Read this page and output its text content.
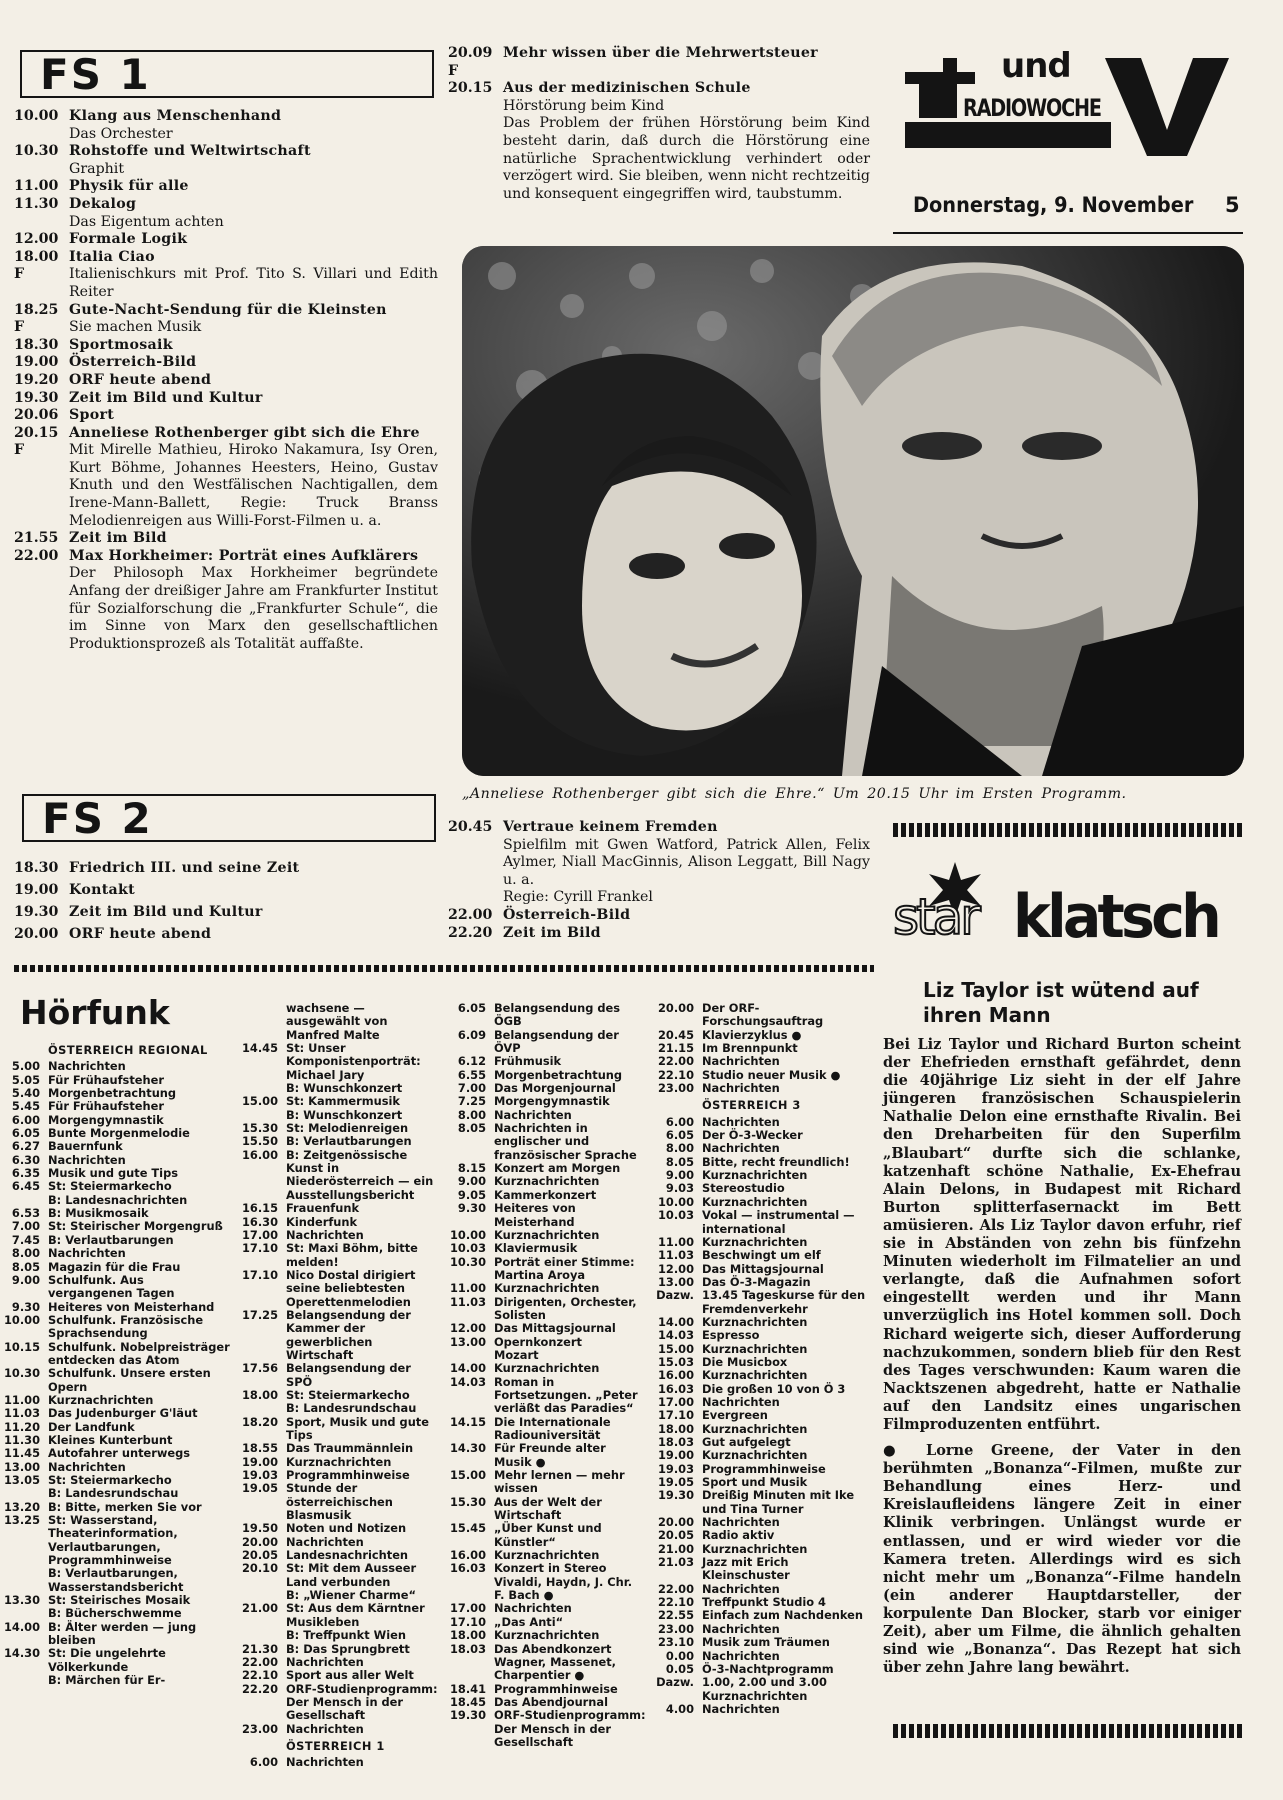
FS 1
10.00 Klang aus Menschenhand
Das Orchester
10.30 Rohstoffe und Weltwirtschaft
Graphit
11.00 Physik für alle
11.30 Dekalog
Das Eigentum achten
12.00 Formale Logik
18.00
F
Italia Ciao
Italienischkurs mit Prof. Tito S. Villari und Edith Reiter
18.25
F
Gute-Nacht-Sendung für die Kleinsten
Sie machen Musik
18.30 Sportmosaik
19.00 Österreich-Bild
19.20 ORF heute abend
19.30 Zeit im Bild und Kultur
20.06 Sport
20.15
F
Anneliese Rothenberger gibt sich die Ehre
Mit Mirelle Mathieu, Hiroko Nakamura, Isy Oren, Kurt Böhme, Johannes Heesters, Heino, Gustav Knuth und den Westfälischen Nachtigallen, dem Irene-Mann-Ballett, Regie: Truck Branss Melodienreigen aus Willi-Forst-Filmen u. a.
21.55 Zeit im Bild
22.00 Max Horkheimer: Porträt eines Aufklärers
Der Philosoph Max Horkheimer begründete Anfang der dreißiger Jahre am Frankfurter Institut für Sozialforschung die „Frankfurter Schule“, die im Sinne von Marx den gesellschaftlichen Produktionsprozeß als Totalität auffaßte.
20.09
F
Mehr wissen über die Mehrwertsteuer
20.15 Aus der medizinischen Schule
Hörstörung beim Kind
Das Problem der frühen Hörstörung beim Kind besteht darin, daß durch die Hörstörung eine natürliche Sprachentwicklung verhindert oder verzögert wird. Sie bleiben, wenn nicht rechtzeitig und konsequent eingegriffen wird, taubstumm.
und
RADIOWOCHE
Donnerstag, 9. November 5
„Anneliese Rothenberger gibt sich die Ehre.“ Um 20.15 Uhr im Ersten Programm.
FS 2
18.30 Friedrich III. und seine Zeit
19.00 Kontakt
19.30 Zeit im Bild und Kultur
20.00 ORF heute abend
20.45 Vertraue keinem Fremden
Spielfilm mit Gwen Watford, Patrick Allen, Felix Aylmer, Niall MacGinnis, Alison Leggatt, Bill Nagy u. a.
Regie: Cyrill Frankel
22.00 Österreich-Bild
22.20 Zeit im Bild
Hörfunk
ÖSTERREICH REGIONAL
5.00 Nachrichten
5.05 Für Frühaufsteher
5.40 Morgenbetrachtung
5.45 Für Frühaufsteher
6.00 Morgengymnastik
6.05 Bunte Morgenmelodie
6.27 Bauernfunk
6.30 Nachrichten
6.35 Musik und gute Tips
6.45 St: Steiermarkecho
B: Landesnachrichten
6.53 B: Musikmosaik
7.00 St: Steirischer Morgengruß
7.45 B: Verlautbarungen
8.00 Nachrichten
8.05 Magazin für die Frau
9.00 Schulfunk. Aus vergangenen Tagen
9.30 Heiteres von Meisterhand
10.00 Schulfunk. Französische Sprachsendung
10.15 Schulfunk. Nobelpreisträger entdecken das Atom
10.30 Schulfunk. Unsere ersten Opern
11.00 Kurznachrichten
11.03 Das Judenburger G'läut
11.20 Der Landfunk
11.30 Kleines Kunterbunt
11.45 Autofahrer unterwegs
13.00 Nachrichten
13.05 St: Steiermarkecho
B: Landesrundschau
13.20 B: Bitte, merken Sie vor
13.25 St: Wasserstand, Theaterinformation, Verlautbarungen, Programmhinweise
B: Verlautbarungen, Wasserstandsbericht
13.30 St: Steirisches Mosaik
B: Bücherschwemme
14.00 B: Älter werden — jung bleiben
14.30 St: Die ungelehrte Völkerkunde
B: Märchen für Er-
wachsene — ausgewählt von Manfred Malte
14.45 St: Unser Komponistenporträt: Michael Jary
B: Wunschkonzert
15.00 St: Kammermusik
B: Wunschkonzert
15.30 St: Melodienreigen
15.50 B: Verlautbarungen
16.00 B: Zeitgenössische Kunst in Niederösterreich — ein Ausstellungsbericht
16.15 Frauenfunk
16.30 Kinderfunk
17.00 Nachrichten
17.10 St: Maxi Böhm, bitte melden!
17.10 Nico Dostal dirigiert seine beliebtesten Operettenmelodien
17.25 Belangsendung der Kammer der gewerblichen Wirtschaft
17.56 Belangsendung der SPÖ
18.00 St: Steiermarkecho
B: Landesrundschau
18.20 Sport, Musik und gute Tips
18.55 Das Traummännlein
19.00 Kurznachrichten
19.03 Programmhinweise
19.05 Stunde der österreichischen Blasmusik
19.50 Noten und Notizen
20.00 Nachrichten
20.05 Landesnachrichten
20.10 St: Mit dem Ausseer Land verbunden
B: „Wiener Charme“
21.00 St: Aus dem Kärntner Musikleben
B: Treffpunkt Wien
21.30 B: Das Sprungbrett
22.00 Nachrichten
22.10 Sport aus aller Welt
22.20 ORF-Studienprogramm: Der Mensch in der Gesellschaft
23.00 Nachrichten
ÖSTERREICH 1
6.00 Nachrichten
6.05 Belangsendung des ÖGB
6.09 Belangsendung der ÖVP
6.12 Frühmusik
6.55 Morgenbetrachtung
7.00 Das Morgenjournal
7.25 Morgengymnastik
8.00 Nachrichten
8.05 Nachrichten in englischer und französischer Sprache
8.15 Konzert am Morgen
9.00 Kurznachrichten
9.05 Kammerkonzert
9.30 Heiteres von Meisterhand
10.00 Kurznachrichten
10.03 Klaviermusik
10.30 Porträt einer Stimme: Martina Aroya
11.00 Kurznachrichten
11.03 Dirigenten, Orchester, Solisten
12.00 Das Mittagsjournal
13.00 Opernkonzert
Mozart
14.00 Kurznachrichten
14.03 Roman in Fortsetzungen. „Peter verläßt das Paradies“
14.15 Die Internationale Radiouniversität
14.30 Für Freunde alter Musik ●
15.00 Mehr lernen — mehr wissen
15.30 Aus der Welt der Wirtschaft
15.45 „Über Kunst und Künstler“
16.00 Kurznachrichten
16.03 Konzert in Stereo Vivaldi, Haydn, J. Chr. F. Bach ●
17.00 Nachrichten
17.10 „Das Anti“
18.00 Kurznachrichten
18.03 Das Abendkonzert Wagner, Massenet, Charpentier ●
18.41 Programmhinweise
18.45 Das Abendjournal
19.30 ORF-Studienprogramm: Der Mensch in der Gesellschaft
20.00 Der ORF-Forschungsauftrag
20.45 Klavierzyklus ●
21.15 Im Brennpunkt
22.00 Nachrichten
22.10 Studio neuer Musik ●
23.00 Nachrichten
ÖSTERREICH 3
6.00 Nachrichten
6.05 Der Ö-3-Wecker
8.00 Nachrichten
8.05 Bitte, recht freundlich!
9.00 Kurznachrichten
9.03 Stereostudio
10.00 Kurznachrichten
10.03 Vokal — instrumental — international
11.00 Kurznachrichten
11.03 Beschwingt um elf
12.00 Das Mittagsjournal
13.00 Das Ö-3-Magazin
Dazw. 13.45 Tageskurse für den Fremdenverkehr
14.00 Kurznachrichten
14.03 Espresso
15.00 Kurznachrichten
15.03 Die Musicbox
16.00 Kurznachrichten
16.03 Die großen 10 von Ö 3
17.00 Nachrichten
17.10 Evergreen
18.00 Kurznachrichten
18.03 Gut aufgelegt
19.00 Kurznachrichten
19.03 Programmhinweise
19.05 Sport und Musik
19.30 Dreißig Minuten mit Ike und Tina Turner
20.00 Nachrichten
20.05 Radio aktiv
21.00 Kurznachrichten
21.03 Jazz mit Erich Kleinschuster
22.00 Nachrichten
22.10 Treffpunkt Studio 4
22.55 Einfach zum Nachdenken
23.00 Nachrichten
23.10 Musik zum Träumen
0.00 Nachrichten
0.05 Ö-3-Nachtprogramm
Dazw. 1.00, 2.00 und 3.00 Kurznachrichten
4.00 Nachrichten
star klatsch
Liz Taylor ist wütend auf ihren Mann
Bei Liz Taylor und Richard Burton scheint der Ehefrieden ernsthaft gefährdet, denn die 40jährige Liz sieht in der elf Jahre jüngeren französischen Schauspielerin Nathalie Delon eine ernsthafte Rivalin. Bei den Dreharbeiten für den Superfilm „Blaubart“ durfte sich die schlanke, katzenhaft schöne Nathalie, Ex-Ehefrau Alain Delons, in Budapest mit Richard Burton splitterfasernackt im Bett amüsieren. Als Liz Taylor davon erfuhr, rief sie in Abständen von zehn bis fünfzehn Minuten wiederholt im Filmatelier an und verlangte, daß die Aufnahmen sofort eingestellt werden und ihr Mann unverzüglich ins Hotel kommen soll. Doch Richard weigerte sich, dieser Aufforderung nachzukommen, sondern blieb für den Rest des Tages verschwunden: Kaum waren die Nacktszenen abgedreht, hatte er Nathalie auf den Landsitz eines ungarischen Filmproduzenten entführt.
● Lorne Greene, der Vater in den berühmten „Bonanza“-Filmen, mußte zur Behandlung eines Herz- und Kreislaufleidens längere Zeit in einer Klinik verbringen. Unlängst wurde er entlassen, und er wird wieder vor die Kamera treten. Allerdings wird es sich nicht mehr um „Bonanza“-Filme handeln (ein anderer Hauptdarsteller, der korpulente Dan Blocker, starb vor einiger Zeit), aber um Filme, die ähnlich gehalten sind wie „Bonanza“. Das Rezept hat sich über zehn Jahre lang bewährt.
